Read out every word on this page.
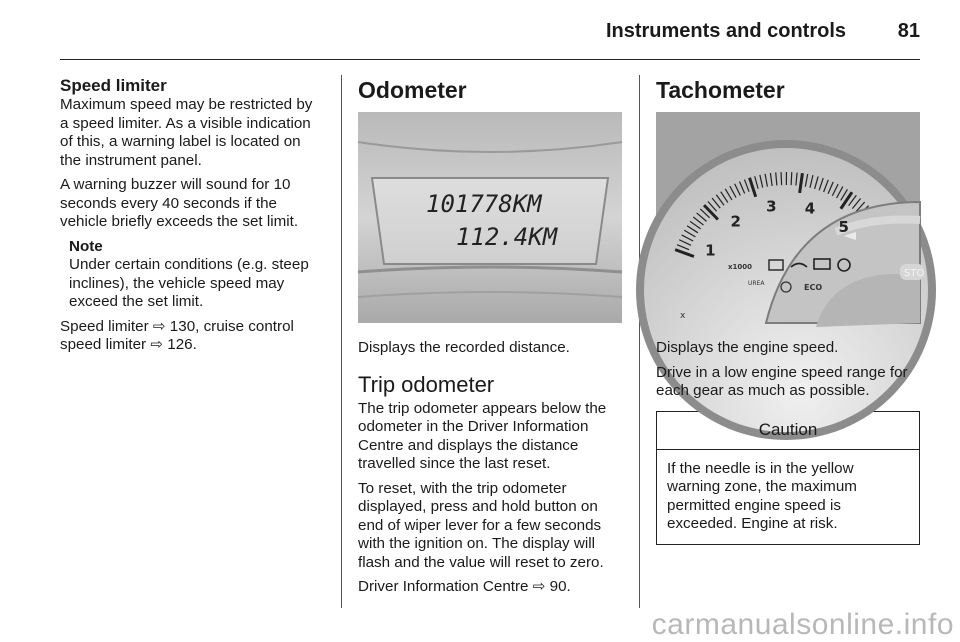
Instruments and controls	81
Speed limiter

Maximum speed may be restricted by a speed limiter. As a visible indication of this, a warning label is located on the instrument panel.

A warning buzzer will sound for 10 seconds every 40 seconds if the vehicle briefly exceeds the set limit.

Note

Under certain conditions (e.g. steep inclines), the vehicle speed may exceed the set limit.

Speed limiter ⇨ 130, cruise control speed limiter ⇨ 126.

Odometer
101778KM
112.4KM

Displays the recorded distance.

Trip odometer

The trip odometer appears below the odometer in the Driver Information Centre and displays the distance travelled since the last reset.

To reset, with the trip odometer displayed, press and hold button on end of wiper lever for a few seconds with the ignition on. The display will flash and the value will reset to zero.

Driver Information Centre ⇨ 90.

Tachometer
x
x1000
UREA	ECO
STO
1
2
3 4
5

Displays the engine speed.

Drive in a low engine speed range for each gear as much as possible.

Caution

If the needle is in the yellow warning zone, the maximum permitted engine speed is exceeded. Engine at risk.

carmanualsonline.info
